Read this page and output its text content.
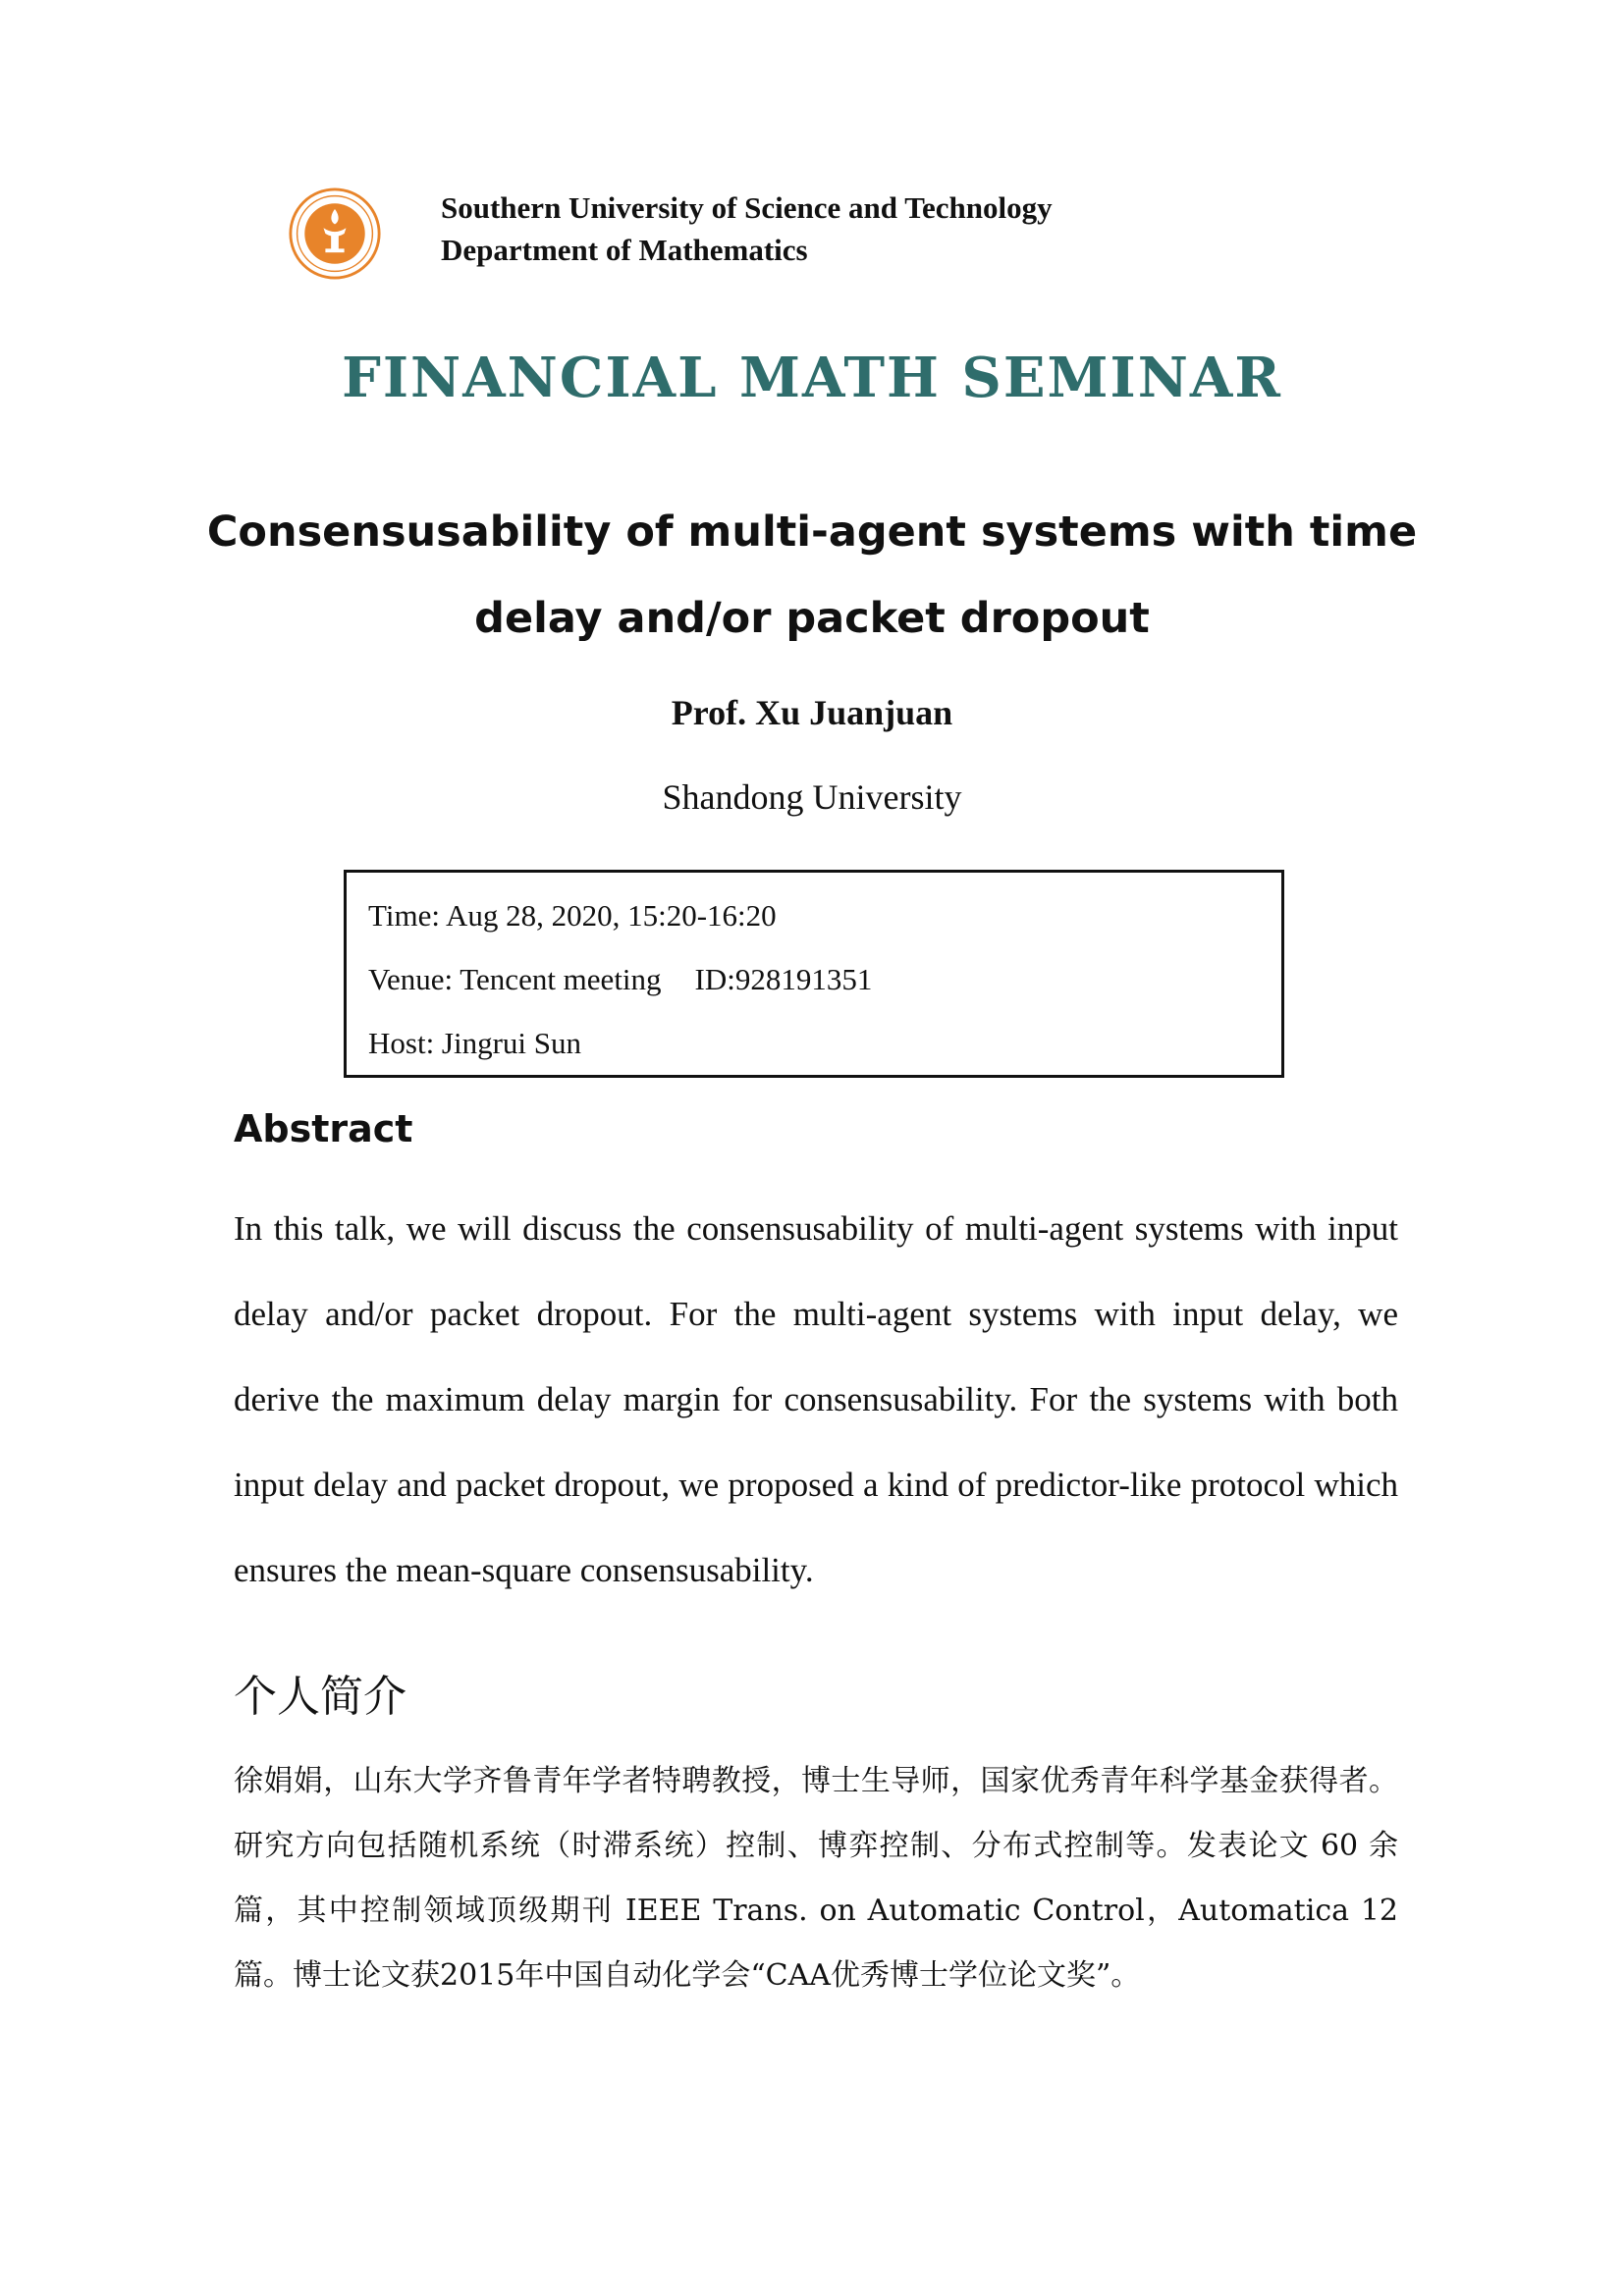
Southern University of Science and Technology
Department of Mathematics
FINANCIAL MATH SEMINAR
Consensusability of multi-agent systems with time delay and/or packet dropout
Prof. Xu Juanjuan
Shandong University
Time: Aug 28, 2020, 15:20-16:20
Venue: Tencent meeting ID:928191351
Host: Jingrui Sun
Abstract
In this talk, we will discuss the consensusability of multi-agent systems with input delay and/or packet dropout. For the multi-agent systems with input delay, we derive the maximum delay margin for consensusability. For the systems with both input delay and packet dropout, we proposed a kind of predictor-like protocol which ensures the mean-square consensusability.
个人简介
徐娟娟，山东大学齐鲁青年学者特聘教授，博士生导师，国家优秀青年科学基金获得者。研究方向包括随机系统（时滞系统）控制、博弈控制、分布式控制等。发表论文 60 余篇，其中控制领域顶级期刊 IEEE Trans. on Automatic Control，Automatica 12篇。博士论文获2015年中国自动化学会“CAA优秀博士学位论文奖”。
